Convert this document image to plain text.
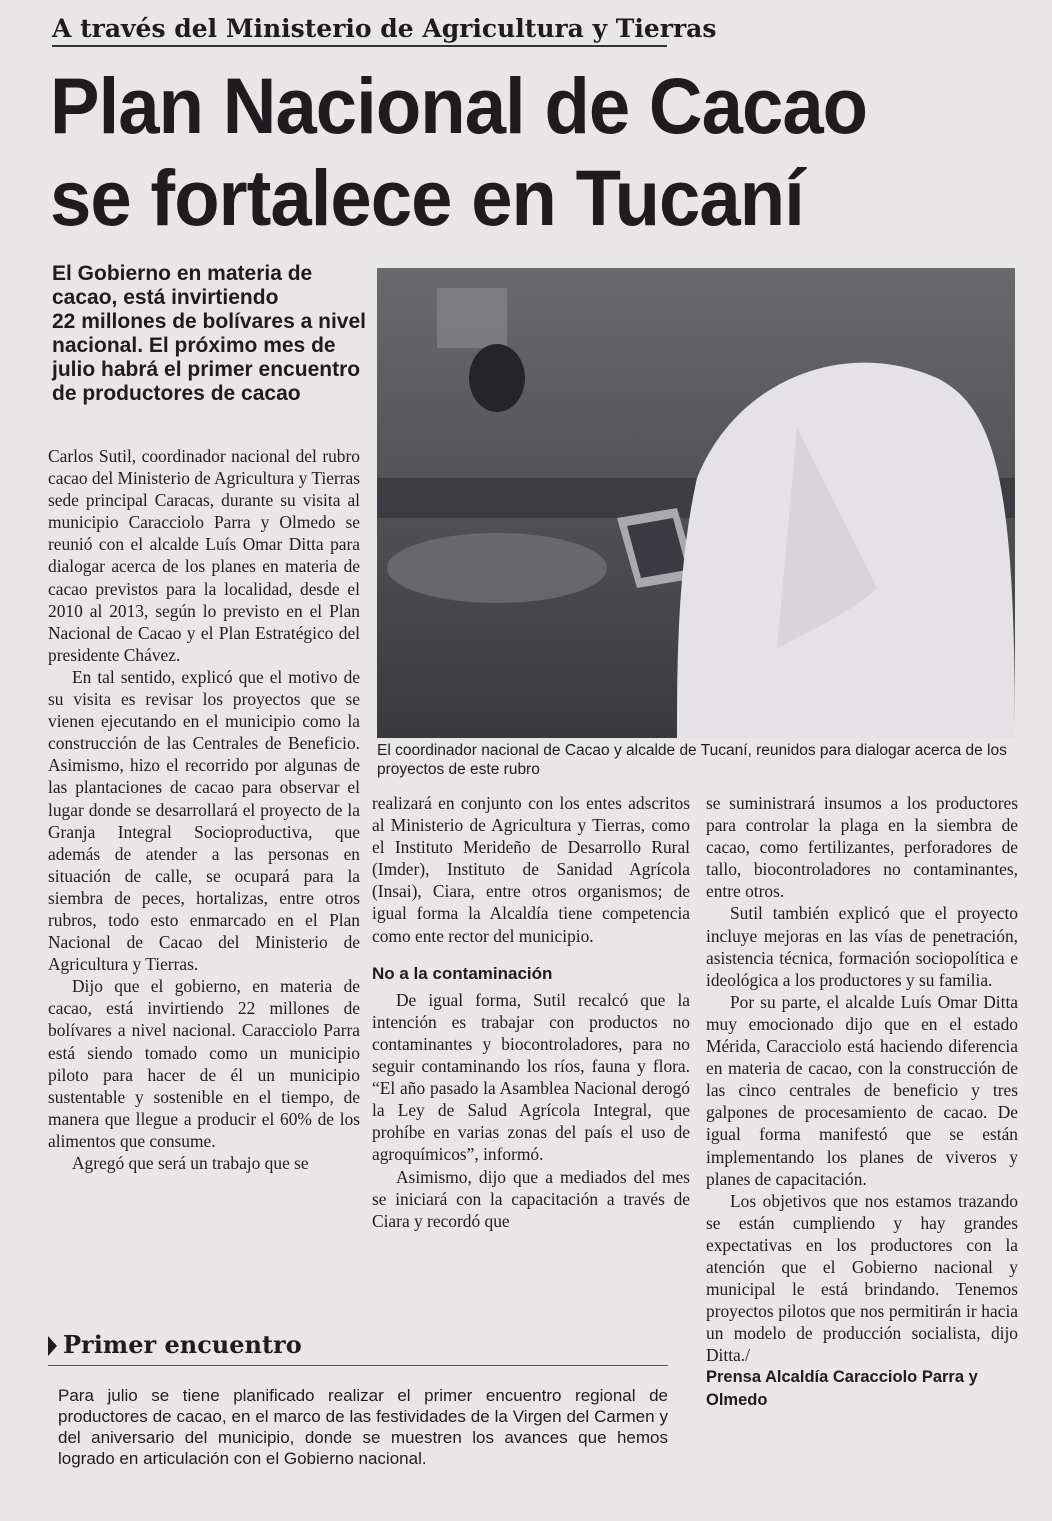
A través del Ministerio de Agricultura y Tierras
Plan Nacional de Cacao
se fortalece en Tucaní
El Gobierno en materia de
cacao, está invirtiendo
22 millones de bolívares a nivel
nacional. El próximo mes de
julio habrá el primer encuentro
de productores de cacao
El coordinador nacional de Cacao y alcalde de Tucaní, reunidos para dialogar acerca de los proyectos de este rubro

Carlos Sutil, coordinador nacional del rubro cacao del Ministerio de Agricultura y Tierras sede principal Caracas, durante su visita al municipio Caracciolo Parra y Olmedo se reunió con el alcalde Luís Omar Ditta para dialogar acerca de los planes en materia de cacao previstos para la localidad, desde el 2010 al 2013, según lo previsto en el Plan Nacional de Cacao y el Plan Estratégico del presidente Chávez.

En tal sentido, explicó que el motivo de su visita es revisar los proyectos que se vienen ejecutando en el municipio como la construcción de las Centrales de Beneficio. Asimismo, hizo el recorrido por algunas de las plantaciones de cacao para observar el lugar donde se desarrollará el proyecto de la Granja Integral Socioproductiva, que además de atender a las personas en situación de calle, se ocupará para la siembra de peces, hortalizas, entre otros rubros, todo esto enmarcado en el Plan Nacional de Cacao del Ministerio de Agricultura y Tierras.

Dijo que el gobierno, en materia de cacao, está invirtiendo 22 millones de bolívares a nivel nacional. Caracciolo Parra está siendo tomado como un municipio piloto para hacer de él un municipio sustentable y sostenible en el tiempo, de manera que llegue a producir el 60% de los alimentos que consume.

Agregó que será un trabajo que se

realizará en conjunto con los entes adscritos al Ministerio de Agricultura y Tierras, como el Instituto Merideño de Desarrollo Rural (Imder), Instituto de Sanidad Agrícola (Insai), Ciara, entre otros organismos; de igual forma la Alcaldía tiene competencia como ente rector del municipio.

No a la contaminación

De igual forma, Sutil recalcó que la intención es trabajar con productos no contaminantes y biocontroladores, para no seguir contaminando los ríos, fauna y flora. “El año pasado la Asamblea Nacional derogó la Ley de Salud Agrícola Integral, que prohíbe en varias zonas del país el uso de agroquímicos”, informó.

Asimismo, dijo que a mediados del mes se iniciará con la capacitación a través de Ciara y recordó que

se suministrará insumos a los productores para controlar la plaga en la siembra de cacao, como fertilizantes, perforadores de tallo, biocontroladores no contaminantes, entre otros.

Sutil también explicó que el proyecto incluye mejoras en las vías de penetración, asistencia técnica, formación sociopolítica e ideológica a los productores y su familia.

Por su parte, el alcalde Luís Omar Ditta muy emocionado dijo que en el estado Mérida, Caracciolo está haciendo diferencia en materia de cacao, con la construcción de las cinco centrales de beneficio y tres galpones de procesamiento de cacao. De igual forma manifestó que se están implementando los planes de viveros y planes de capacitación.

Los objetivos que nos estamos trazando se están cumpliendo y hay grandes expectativas en los productores con la atención que el Gobierno nacional y municipal le está brindando. Tenemos proyectos pilotos que nos permitirán ir hacia un modelo de producción socialista, dijo Ditta./

Prensa Alcaldía Caracciolo Parra y Olmedo

Primer encuentro
Para julio se tiene planificado realizar el primer encuentro regional de productores de cacao, en el marco de las festividades de la Virgen del Carmen y del aniversario del municipio, donde se muestren los avances que hemos logrado en articulación con el Gobierno nacional.
